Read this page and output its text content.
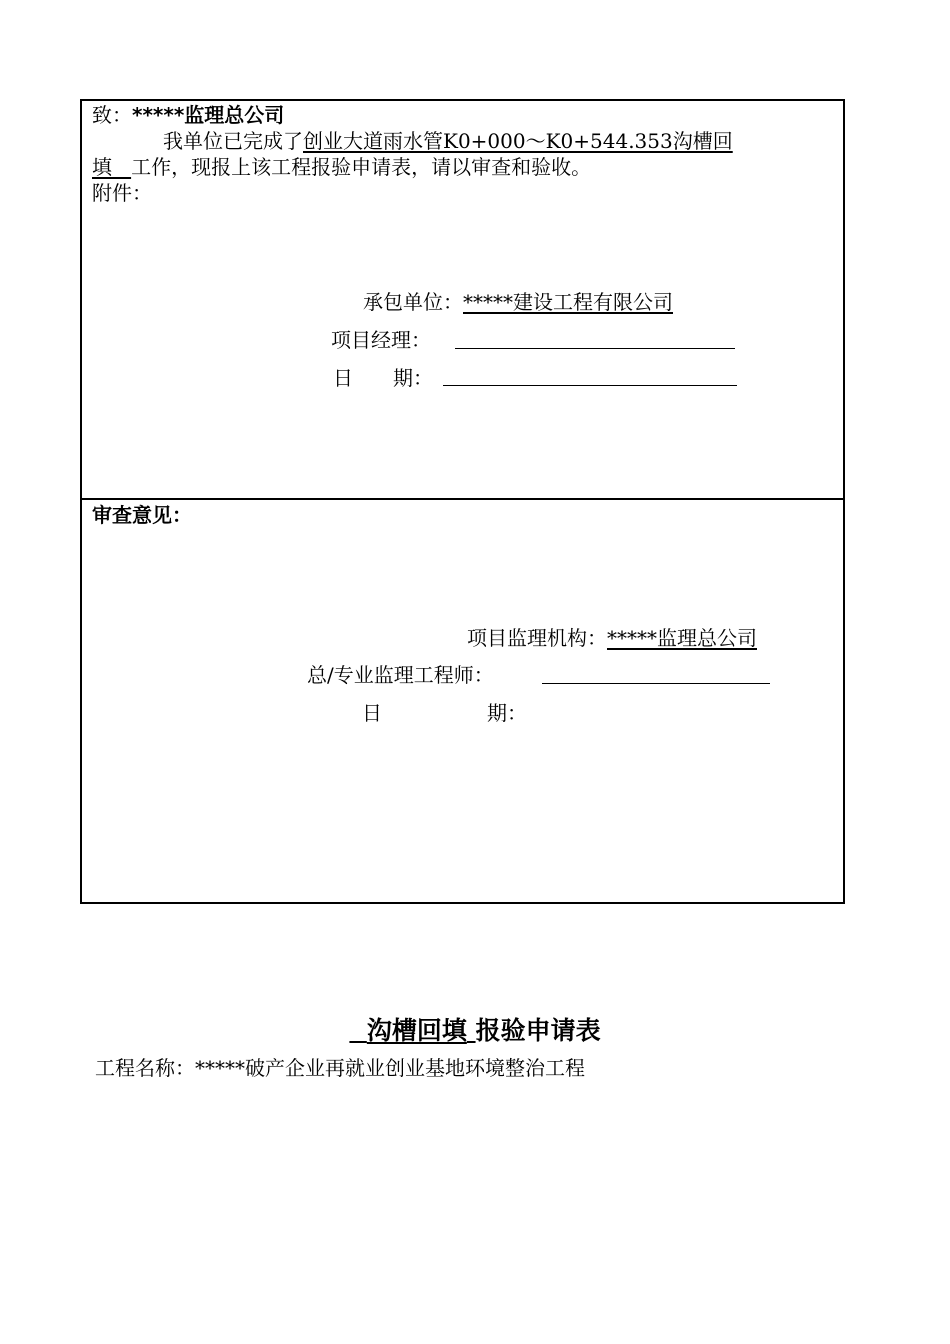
致：*****监理总公司
我单位已完成了创业大道雨水管K0+000～K0+544.353沟槽回
填 工作，现报上该工程报验申请表，请以审查和验收。
附件：
承包单位：*****建设工程有限公司
项目经理：
日　　期：
审查意见：
项目监理机构：*****监理总公司
总/专业监理工程师：
日	期：
沟槽回填 报验申请表
工程名称：*****破产企业再就业创业基地环境整治工程
